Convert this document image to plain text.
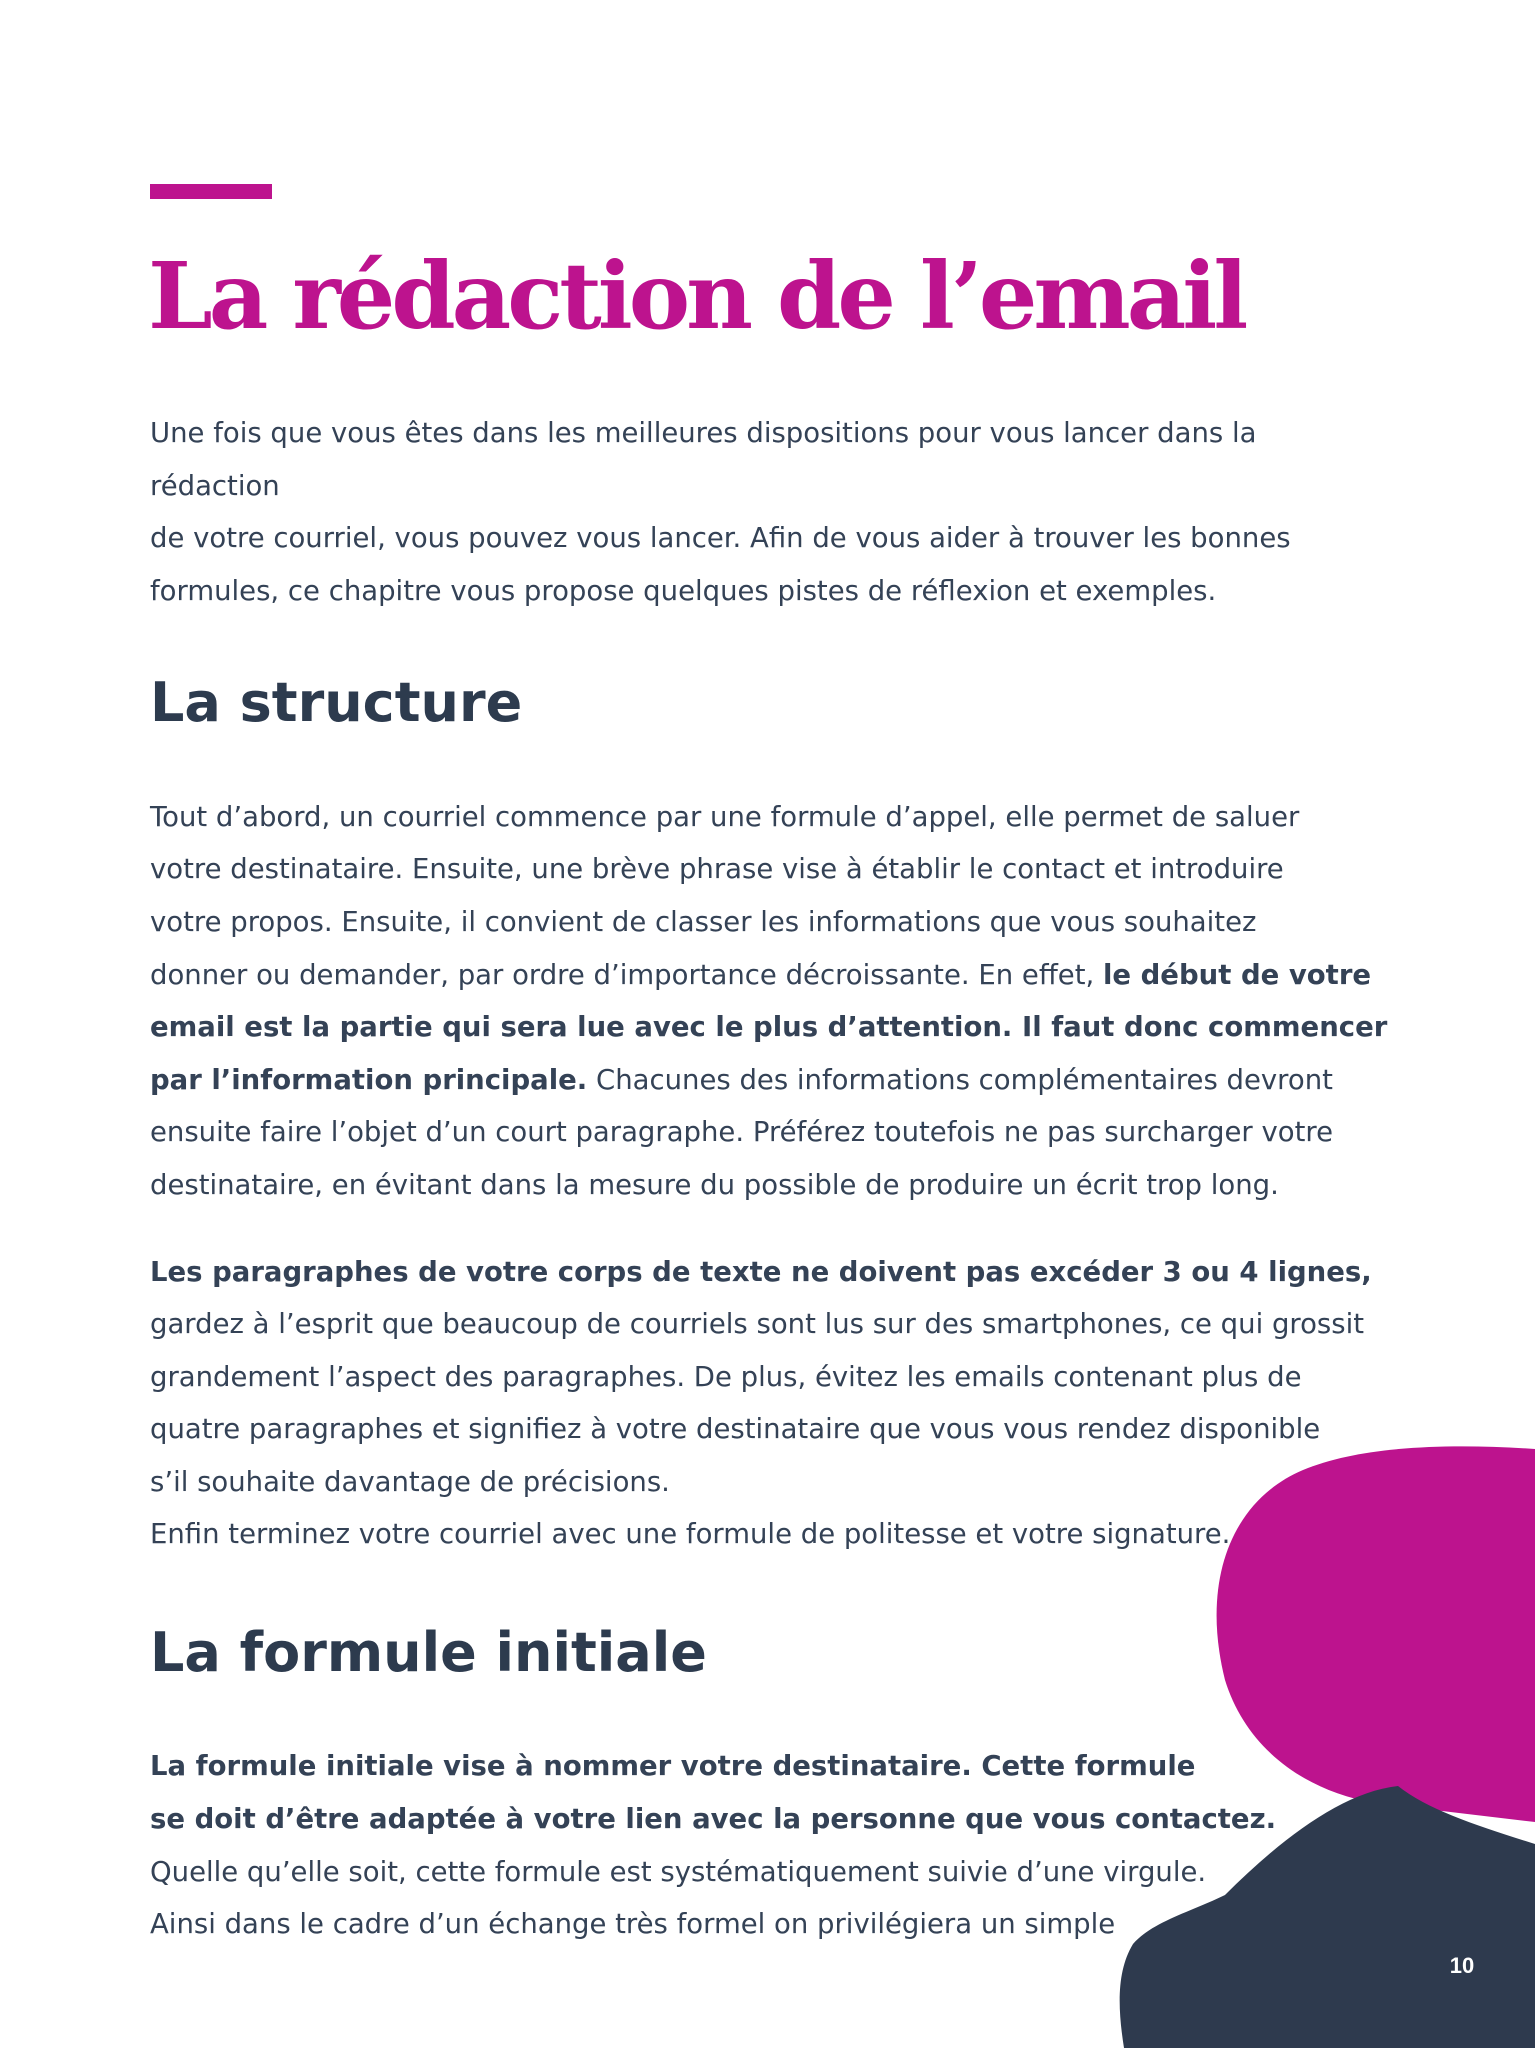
La rédaction de l’email

Une fois que vous êtes dans les meilleures dispositions pour vous lancer dans la rédaction
de votre courriel, vous pouvez vous lancer. Afin de vous aider à trouver les bonnes
formules, ce chapitre vous propose quelques pistes de réflexion et exemples.

La structure

Tout d’abord, un courriel commence par une formule d’appel, elle permet de saluer
votre destinataire. Ensuite, une brève phrase vise à établir le contact et introduire
votre propos. Ensuite, il convient de classer les informations que vous souhaitez
donner ou demander, par ordre d’importance décroissante. En effet, le début de votre
email est la partie qui sera lue avec le plus d’attention. Il faut donc commencer
par l’information principale. Chacunes des informations complémentaires devront
ensuite faire l’objet d’un court paragraphe. Préférez toutefois ne pas surcharger votre
destinataire, en évitant dans la mesure du possible de produire un écrit trop long.

Les paragraphes de votre corps de texte ne doivent pas excéder 3 ou 4 lignes,
gardez à l’esprit que beaucoup de courriels sont lus sur des smartphones, ce qui grossit
grandement l’aspect des paragraphes. De plus, évitez les emails contenant plus de
quatre paragraphes et signifiez à votre destinataire que vous vous rendez disponible
s’il souhaite davantage de précisions.
Enfin terminez votre courriel avec une formule de politesse et votre signature.

La formule initiale

La formule initiale vise à nommer votre destinataire. Cette formule
se doit d’être adaptée à votre lien avec la personne que vous contactez.
Quelle qu’elle soit, cette formule est systématiquement suivie d’une virgule.
Ainsi dans le cadre d’un échange très formel on privilégiera un simple

10
